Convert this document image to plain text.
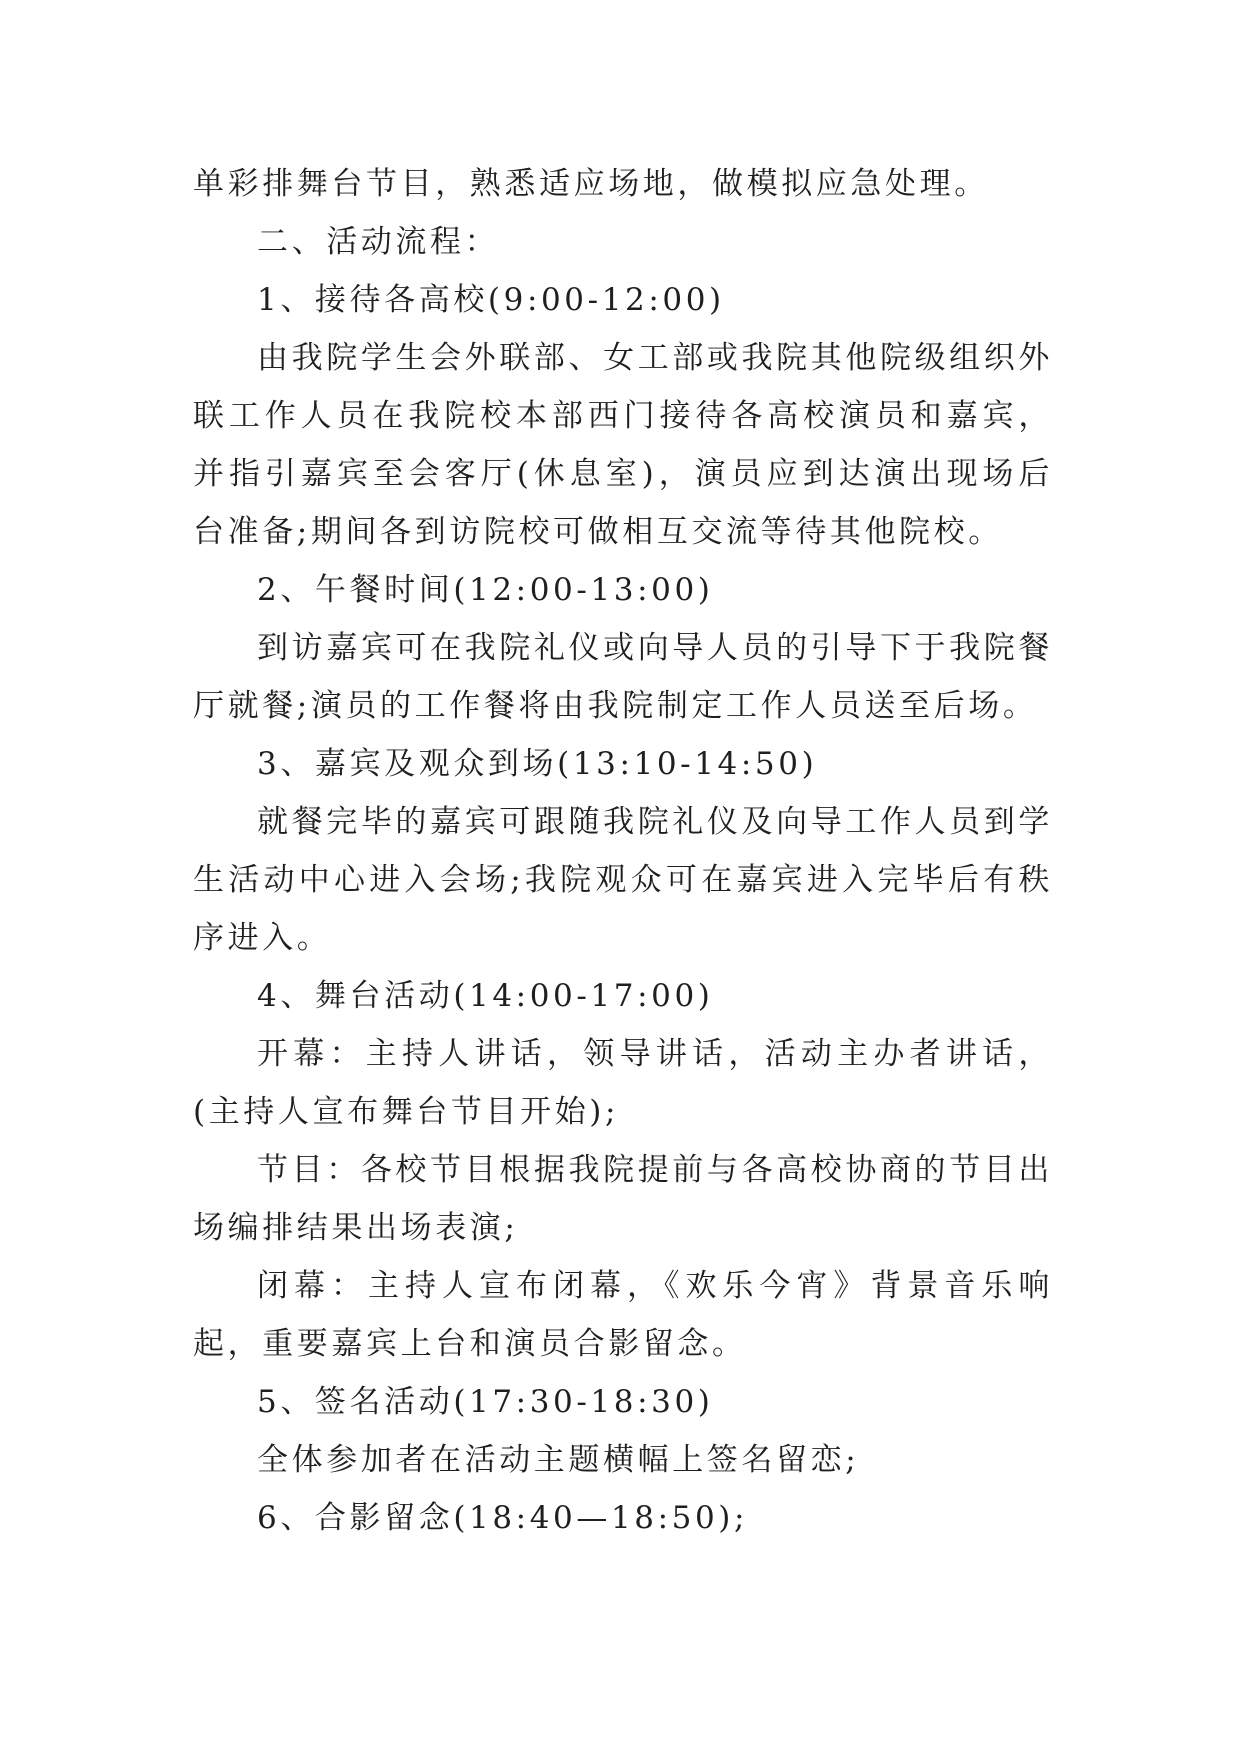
单彩排舞台节目，熟悉适应场地，做模拟应急处理。

二、活动流程：

1、接待各高校(9:00-12:00)

由我院学生会外联部、女工部或我院其他院级组织外联工作人员在我院校本部西门接待各高校演员和嘉宾，并指引嘉宾至会客厅(休息室)，演员应到达演出现场后台准备;期间各到访院校可做相互交流等待其他院校。

2、午餐时间(12:00-13:00)

到访嘉宾可在我院礼仪或向导人员的引导下于我院餐厅就餐;演员的工作餐将由我院制定工作人员送至后场。

3、嘉宾及观众到场(13:10-14:50)

就餐完毕的嘉宾可跟随我院礼仪及向导工作人员到学生活动中心进入会场;我院观众可在嘉宾进入完毕后有秩序进入。

4、舞台活动(14:00-17:00)

开幕：主持人讲话，领导讲话，活动主办者讲话，(主持人宣布舞台节目开始);

节目：各校节目根据我院提前与各高校协商的节目出场编排结果出场表演;

闭幕：主持人宣布闭幕，《欢乐今宵》背景音乐响起，重要嘉宾上台和演员合影留念。

5、签名活动(17:30-18:30)

全体参加者在活动主题横幅上签名留恋;

6、合影留念(18:40—18:50);
